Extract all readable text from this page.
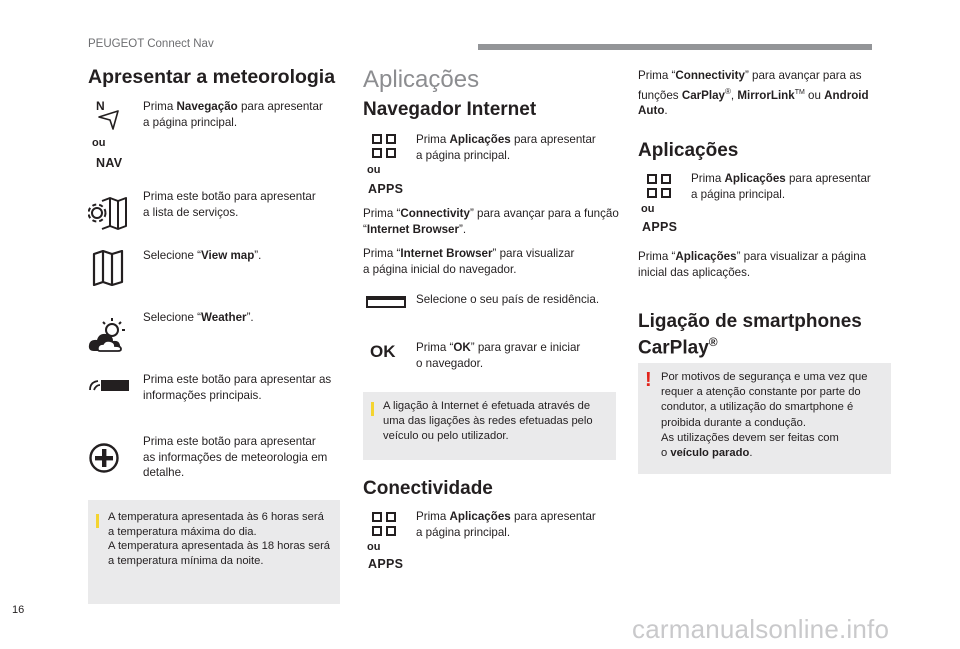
PEUGEOT Connect Nav
Apresentar a meteorologia
N
ou
NAV
Prima Navegação para apresentar
a página principal.
Prima este botão para apresentar
a lista de serviços.
Selecione “View map”.
Selecione “Weather”.
Prima este botão para apresentar as
informações principais.
Prima este botão para apresentar
as informações de meteorologia em
detalhe.
A temperatura apresentada às 6 horas será
a temperatura máxima do dia.
A temperatura apresentada às 18 horas será
a temperatura mínima da noite.
Aplicações
Navegador Internet
ou
APPS
Prima Aplicações para apresentar
a página principal.
Prima “Connectivity” para avançar para a função
“Internet Browser”.
Prima “Internet Browser” para visualizar
a página inicial do navegador.
Selecione o seu país de residência.
OK Prima “OK” para gravar e iniciar
o navegador.
A ligação à Internet é efetuada através de
uma das ligações às redes efetuadas pelo
veículo ou pelo utilizador.
Conectividade
ou
APPS
Prima Aplicações para apresentar
a página principal.
Prima “Connectivity” para avançar para as
funções CarPlay®, MirrorLink™ ou Android
Auto.
Aplicações
ou
APPS
Prima Aplicações para apresentar
a página principal.
Prima “Aplicações” para visualizar a página
inicial das aplicações.
Ligação de smartphones
CarPlay®
! Por motivos de segurança e uma vez que
requer a atenção constante por parte do
condutor, a utilização do smartphone é
proibida durante a condução.
As utilizações devem ser feitas com
o veículo parado.
16
carmanualsonline.info
